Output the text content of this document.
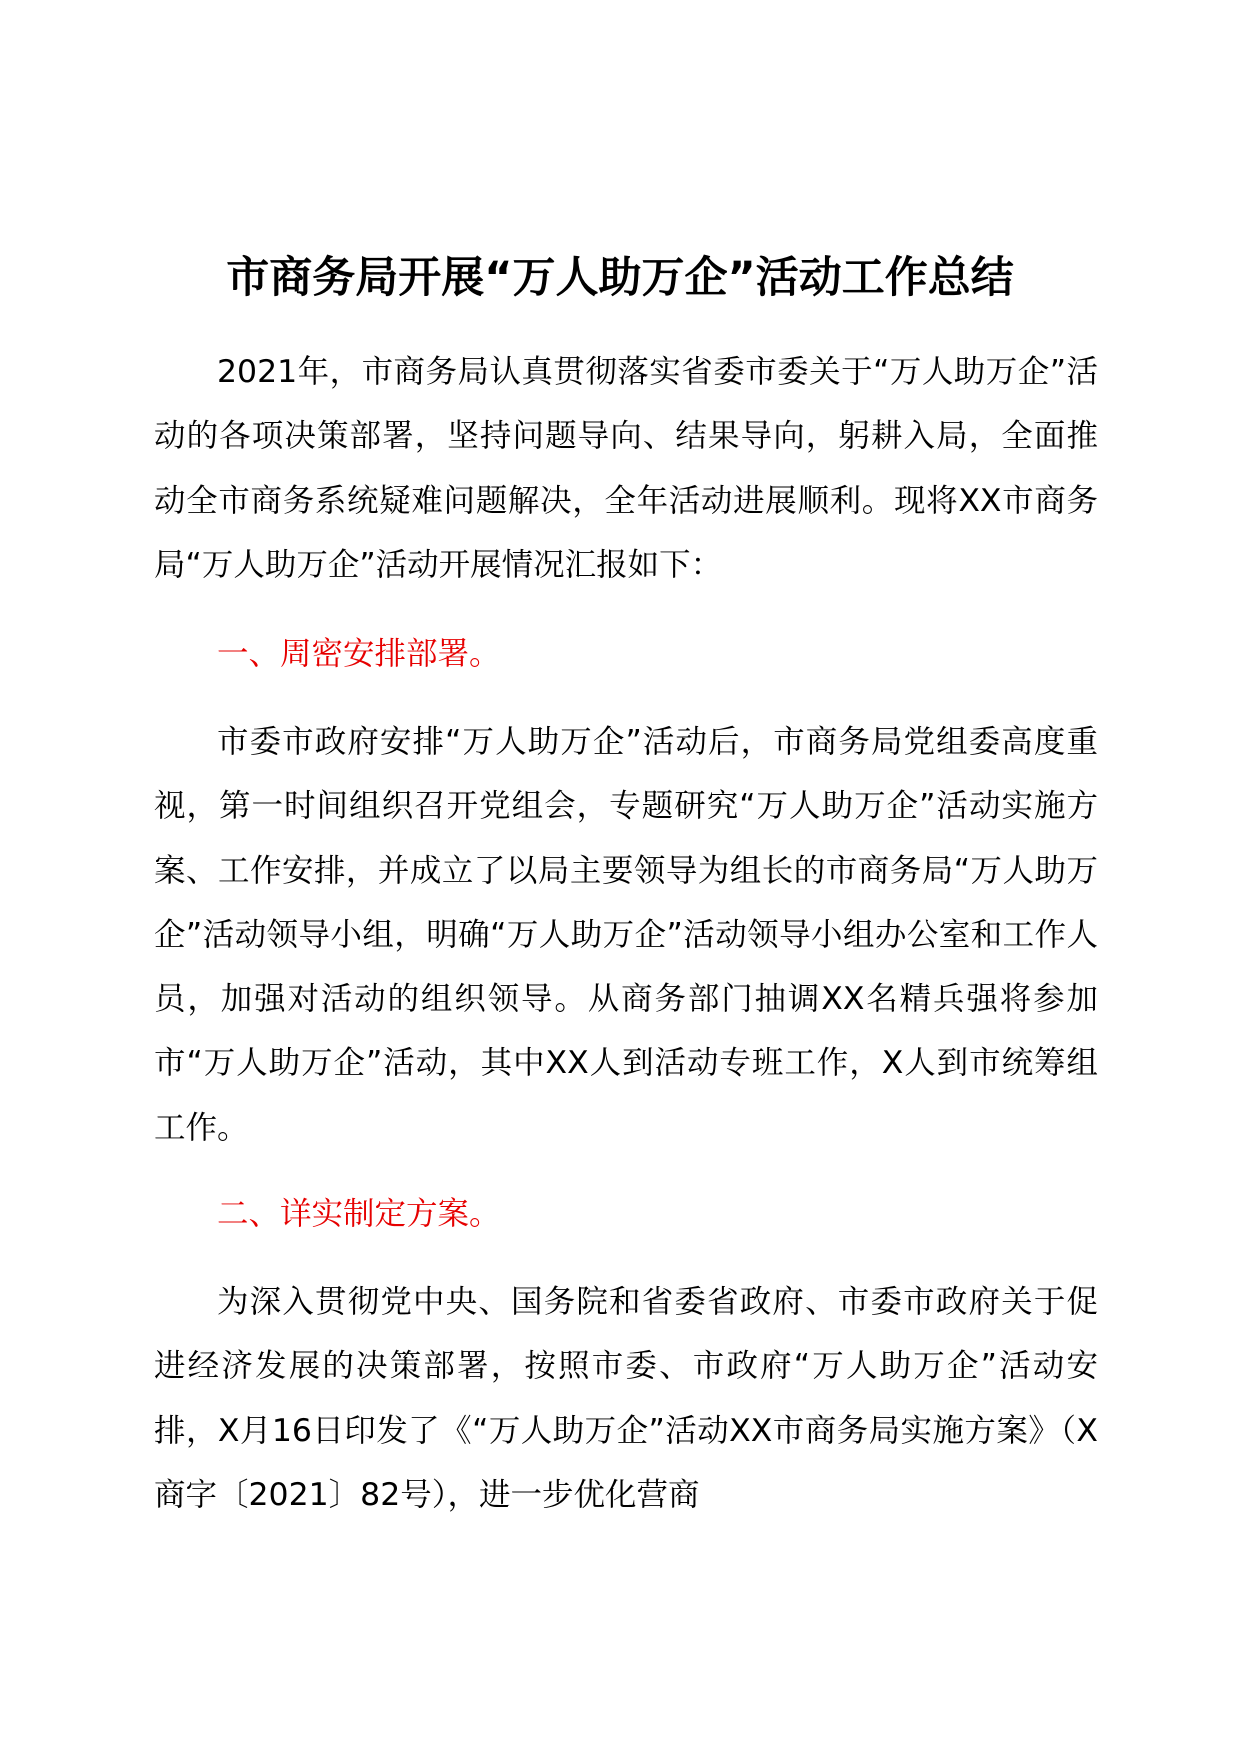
市商务局开展“万人助万企”活动工作总结

2021年，市商务局认真贯彻落实省委市委关于“万人助万企”活动的各项决策部署，坚持问题导向、结果导向，躬耕入局，全面推动全市商务系统疑难问题解决，全年活动进展顺利。现将XX市商务局“万人助万企”活动开展情况汇报如下：

一、周密安排部署。

市委市政府安排“万人助万企”活动后，市商务局党组委高度重视，第一时间组织召开党组会，专题研究“万人助万企”活动实施方案、工作安排，并成立了以局主要领导为组长的市商务局“万人助万企”活动领导小组，明确“万人助万企”活动领导小组办公室和工作人员，加强对活动的组织领导。从商务部门抽调XX名精兵强将参加市“万人助万企”活动，其中XX人到活动专班工作，X人到市统筹组工作。

二、详实制定方案。

为深入贯彻党中央、国务院和省委省政府、市委市政府关于促进经济发展的决策部署，按照市委、市政府“万人助万企”活动安排，X月16日印发了《“万人助万企”活动XX市商务局实施方案》（X商字〔2021〕82号），进一步优化营商
